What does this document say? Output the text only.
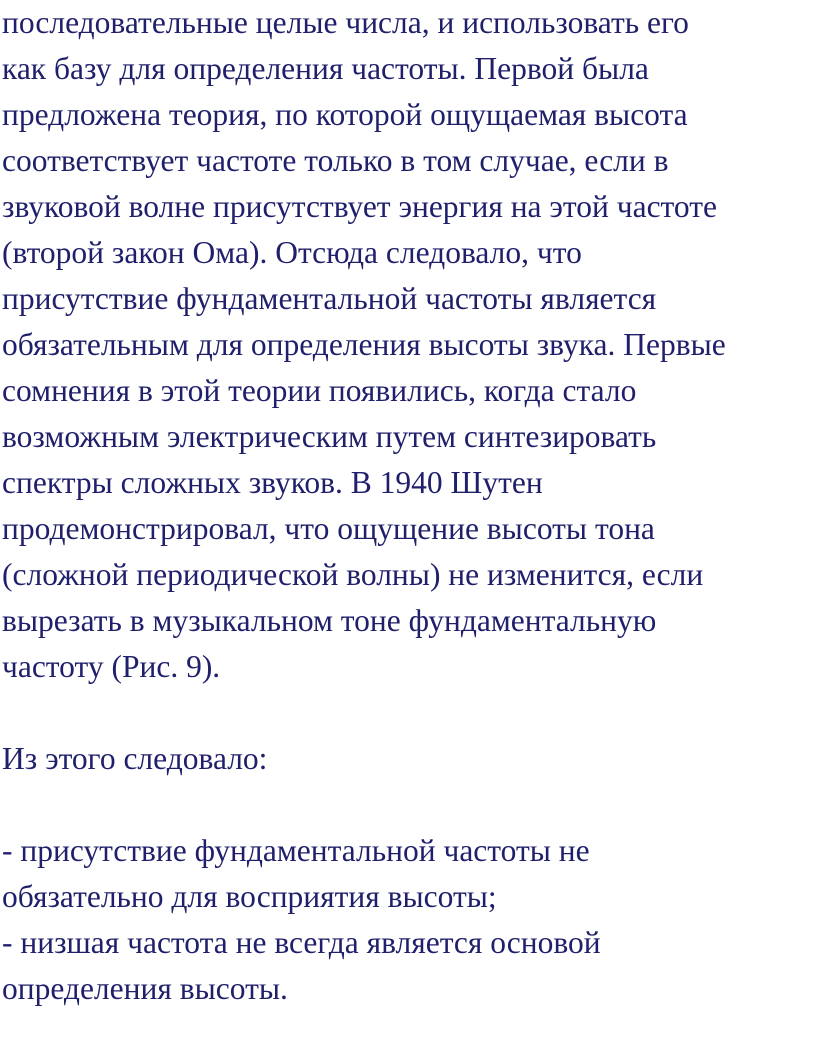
последовательные целые числа, и использовать его
как базу для определения частоты. Первой была
предложена теория, по которой ощущаемая высота
соответствует частоте только в том случае, если в
звуковой волне присутствует энергия на этой частоте
(второй закон Ома). Отсюда следовало, что
присутствие фундаментальной частоты является
обязательным для определения высоты звука. Первые
сомнения в этой теории появились, когда стало
возможным электрическим путем синтезировать
спектры сложных звуков. В 1940 Шутен
продемонстрировал, что ощущение высоты тона
(сложной периодической волны) не изменится, если
вырезать в музыкальном тоне фундаментальную
частоту (Рис. 9).
Из этого следовало:
- присутствие фундаментальной частоты не
обязательно для восприятия высоты;
- низшая частота не всегда является основой
определения высоты.
